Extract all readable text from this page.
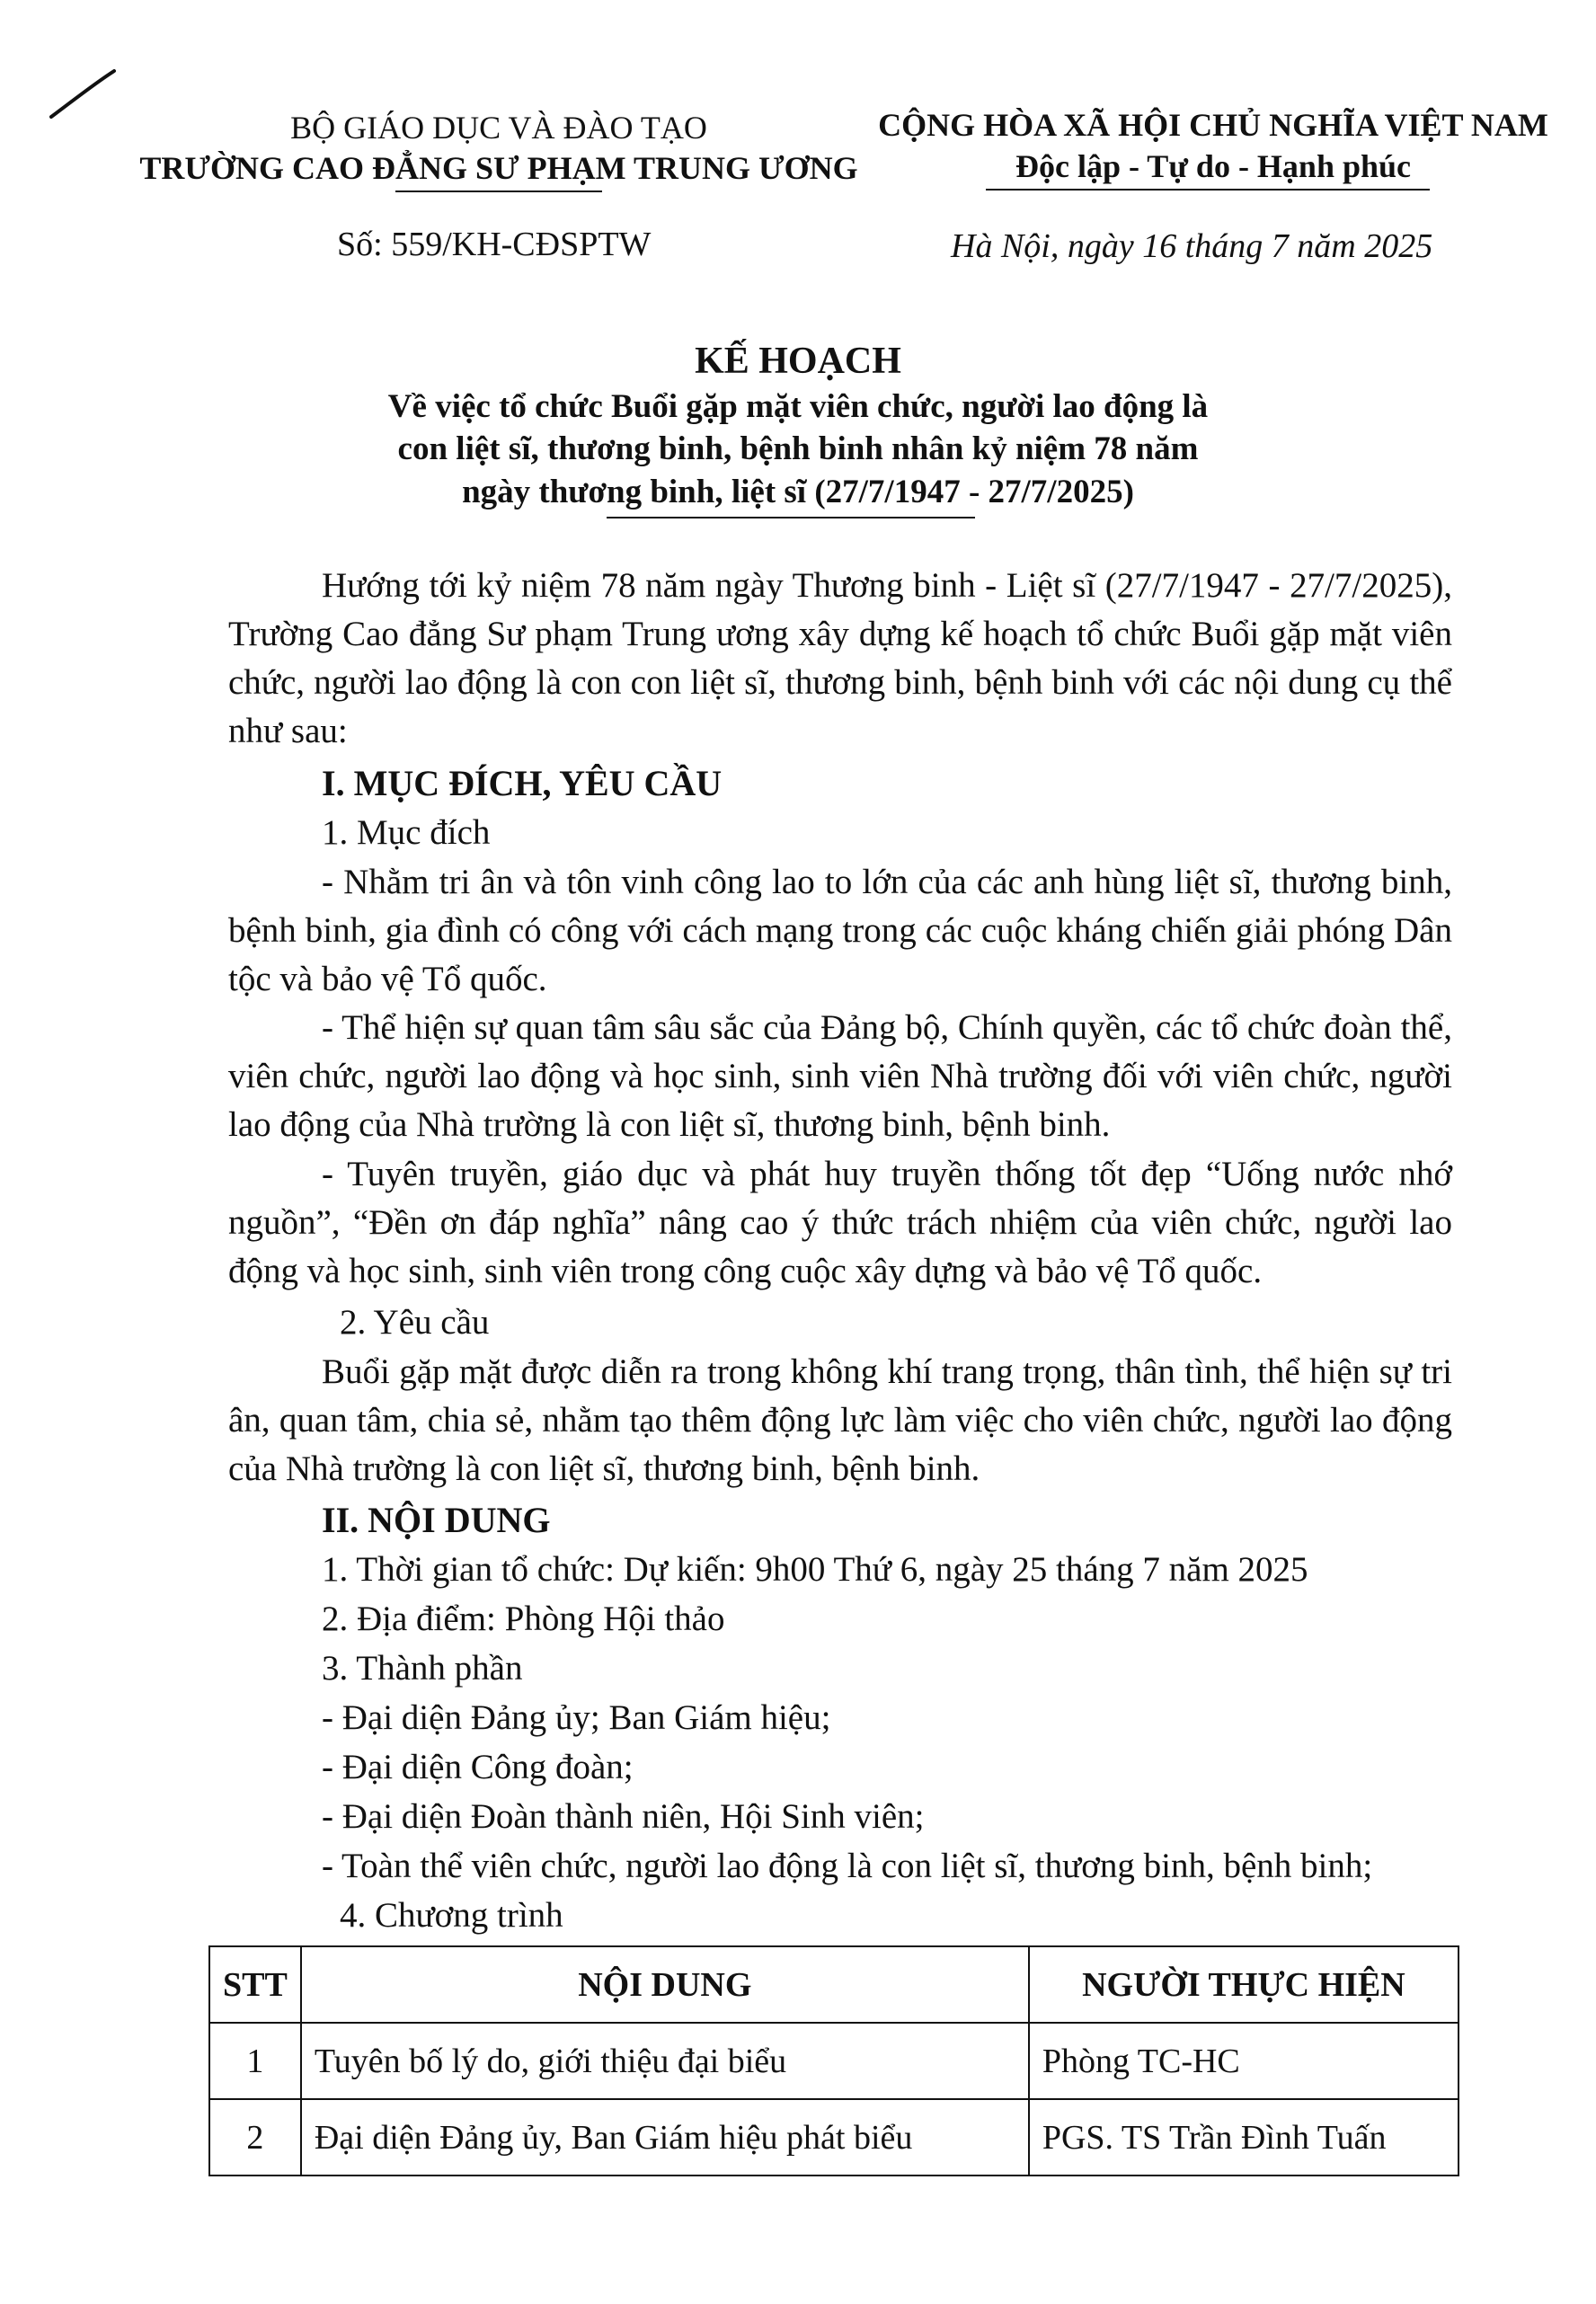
BỘ GIÁO DỤC VÀ ĐÀO TẠO
TRƯỜNG CAO ĐẲNG SƯ PHẠM TRUNG ƯƠNG
CỘNG HÒA XÃ HỘI CHỦ NGHĨA VIỆT NAM
Độc lập - Tự do - Hạnh phúc
Số: 559/KH-CĐSPTW	Hà Nội, ngày 16 tháng 7 năm 2025
KẾ HOẠCH
Về việc tổ chức Buổi gặp mặt viên chức, người lao động là
con liệt sĩ, thương binh, bệnh binh nhân kỷ niệm 78 năm
ngày thương binh, liệt sĩ (27/7/1947 - 27/7/2025)

Hướng tới kỷ niệm 78 năm ngày Thương binh - Liệt sĩ (27/7/1947 - 27/7/2025), Trường Cao đẳng Sư phạm Trung ương xây dựng kế hoạch tổ chức Buổi gặp mặt viên chức, người lao động là con con liệt sĩ, thương binh, bệnh binh với các nội dung cụ thể như sau:

I. MỤC ĐÍCH, YÊU CẦU
1. Mục đích

- Nhằm tri ân và tôn vinh công lao to lớn của các anh hùng liệt sĩ, thương binh, bệnh binh, gia đình có công với cách mạng trong các cuộc kháng chiến giải phóng Dân tộc và bảo vệ Tổ quốc.

- Thể hiện sự quan tâm sâu sắc của Đảng bộ, Chính quyền, các tổ chức đoàn thể, viên chức, người lao động và học sinh, sinh viên Nhà trường đối với viên chức, người lao động của Nhà trường là con liệt sĩ, thương binh, bệnh binh.

- Tuyên truyền, giáo dục và phát huy truyền thống tốt đẹp “Uống nước nhớ nguồn”, “Đền ơn đáp nghĩa” nâng cao ý thức trách nhiệm của viên chức, người lao động và học sinh, sinh viên trong công cuộc xây dựng và bảo vệ Tổ quốc.

2. Yêu cầu

Buổi gặp mặt được diễn ra trong không khí trang trọng, thân tình, thể hiện sự tri ân, quan tâm, chia sẻ, nhằm tạo thêm động lực làm việc cho viên chức, người lao động của Nhà trường là con liệt sĩ, thương binh, bệnh binh.

II. NỘI DUNG
1. Thời gian tổ chức: Dự kiến: 9h00 Thứ 6, ngày 25 tháng 7 năm 2025
2. Địa điểm: Phòng Hội thảo
3. Thành phần
- Đại diện Đảng ủy; Ban Giám hiệu;
- Đại diện Công đoàn;
- Đại diện Đoàn thành niên, Hội Sinh viên;
- Toàn thể viên chức, người lao động là con liệt sĩ, thương binh, bệnh binh;
4. Chương trình
STT	NỘI DUNG	NGƯỜI THỰC HIỆN
1	Tuyên bố lý do, giới thiệu đại biểu	Phòng TC-HC
2	Đại diện Đảng ủy, Ban Giám hiệu phát biểu	PGS. TS Trần Đình Tuấn
